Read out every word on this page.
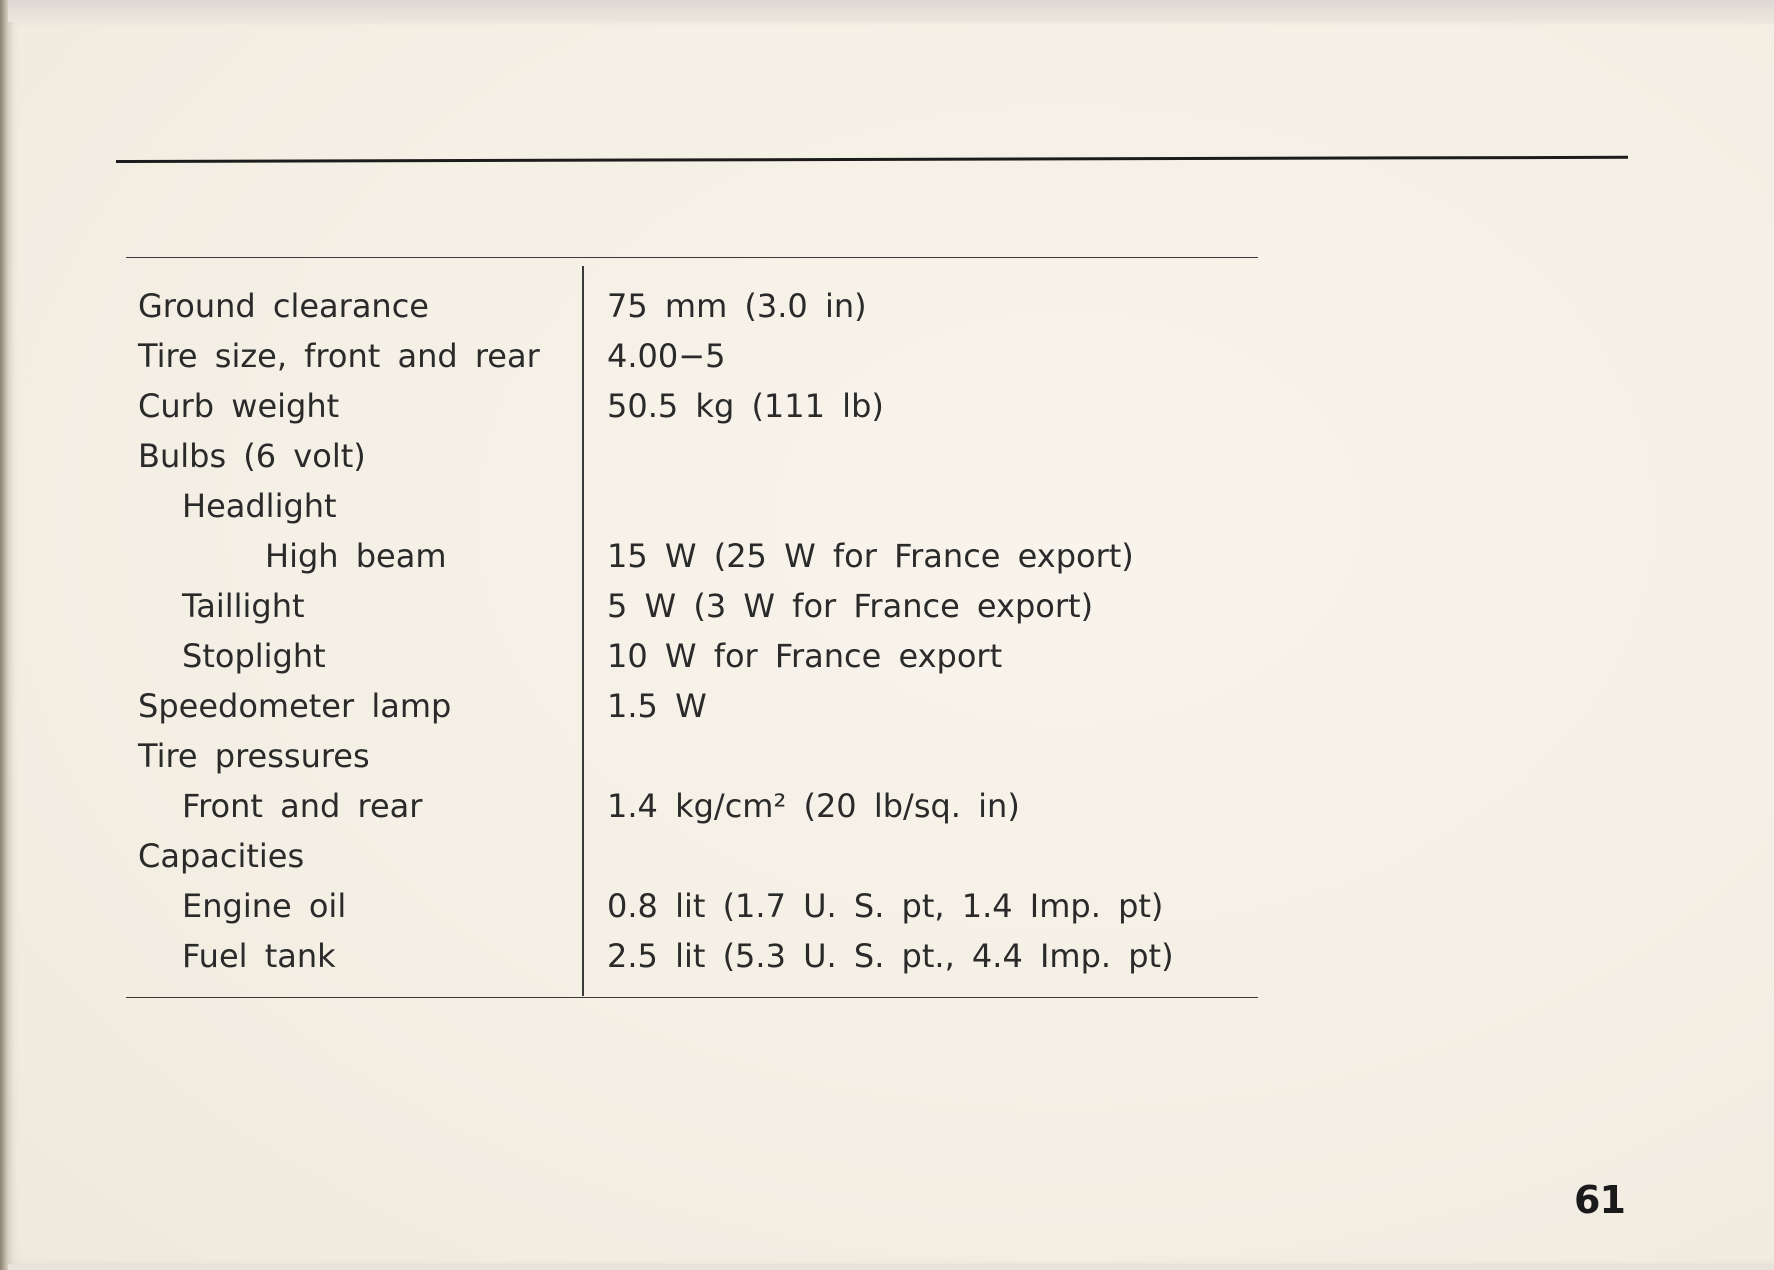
Ground clearance	75 mm (3.0 in)
Tire size, front and rear 4.00−5
Curb weight	50.5 kg (111 lb)
Bulbs (6 volt)
Headlight
High beam	15 W (25 W for France export)
Taillight	5 W (3 W for France export)
Stoplight	10 W for France export
Speedometer lamp	1.5 W
Tire pressures
Front and rear	1.4 kg/cm² (20 lb/sq. in)
Capacities
Engine oil	0.8 lit (1.7 U. S. pt, 1.4 Imp. pt)
Fuel tank	2.5 lit (5.3 U. S. pt., 4.4 Imp. pt)
61
